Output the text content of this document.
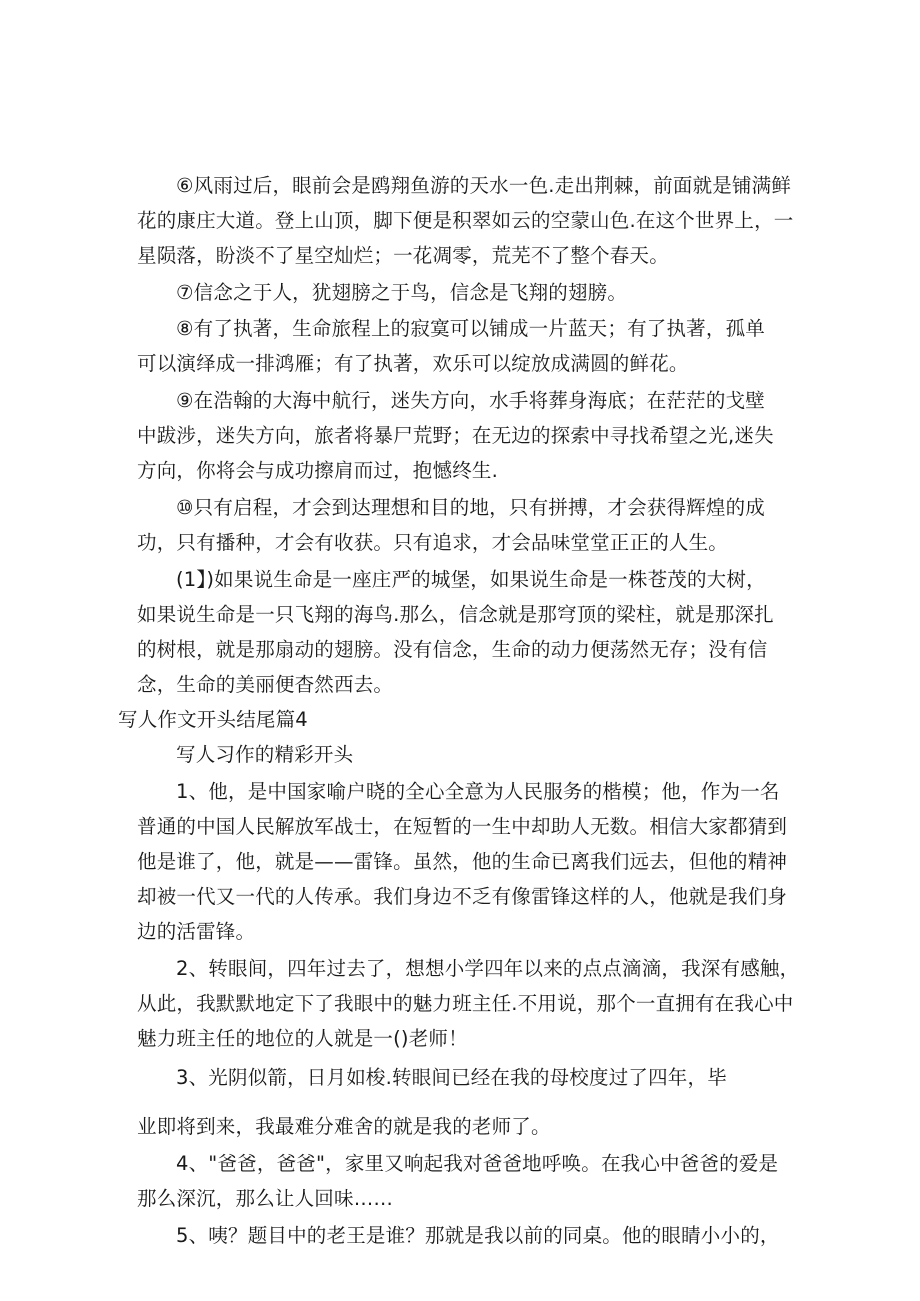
⑥风雨过后，眼前会是鸥翔鱼游的天水一色.走出荆棘，前面就是铺满鲜
花的康庄大道。登上山顶，脚下便是积翠如云的空蒙山色.在这个世界上，一
星陨落，盼淡不了星空灿烂；一花凋零，荒芜不了整个春天。
⑦信念之于人，犹翅膀之于鸟，信念是飞翔的翅膀。
⑧有了执著，生命旅程上的寂寞可以铺成一片蓝天；有了执著，孤单
可以演绎成一排鸿雁；有了执著，欢乐可以绽放成满圆的鲜花。
⑨在浩翰的大海中航行，迷失方向，水手将葬身海底；在茫茫的戈壁
中跋涉，迷失方向，旅者将暴尸荒野；在无边的探索中寻找希望之光,迷失
方向，你将会与成功擦肩而过，抱憾终生.
⑩只有启程，才会到达理想和目的地，只有拼搏，才会获得辉煌的成
功，只有播种，才会有收获。只有追求，才会品味堂堂正正的人生。
(1】)如果说生命是一座庄严的城堡，如果说生命是一株苍茂的大树，
如果说生命是一只飞翔的海鸟.那么，信念就是那穹顶的梁柱，就是那深扎
的树根，就是那扇动的翅膀。没有信念，生命的动力便荡然无存；没有信
念，生命的美丽便杳然西去。
写人作文开头结尾篇4
写人习作的精彩开头
1、他，是中国家喻户晓的全心全意为人民服务的楷模；他，作为一名
普通的中国人民解放军战士，在短暂的一生中却助人无数。相信大家都猜到
他是谁了，他，就是——雷锋。虽然，他的生命已离我们远去，但他的精神
却被一代又一代的人传承。我们身边不乏有像雷锋这样的人，他就是我们身
边的活雷锋。
2、转眼间，四年过去了，想想小学四年以来的点点滴滴，我深有感触，
从此，我默默地定下了我眼中的魅力班主任.不用说，那个一直拥有在我心中
魅力班主任的地位的人就是一()老师！
3、光阴似箭，日月如梭.转眼间已经在我的母校度过了四年，毕
业即将到来，我最难分难舍的就是我的老师了。
4、"爸爸，爸爸"，家里又响起我对爸爸地呼唤。在我心中爸爸的爱是
那么深沉，那么让人回味……
5、咦？题目中的老王是谁？那就是我以前的同桌。他的眼睛小小的，
